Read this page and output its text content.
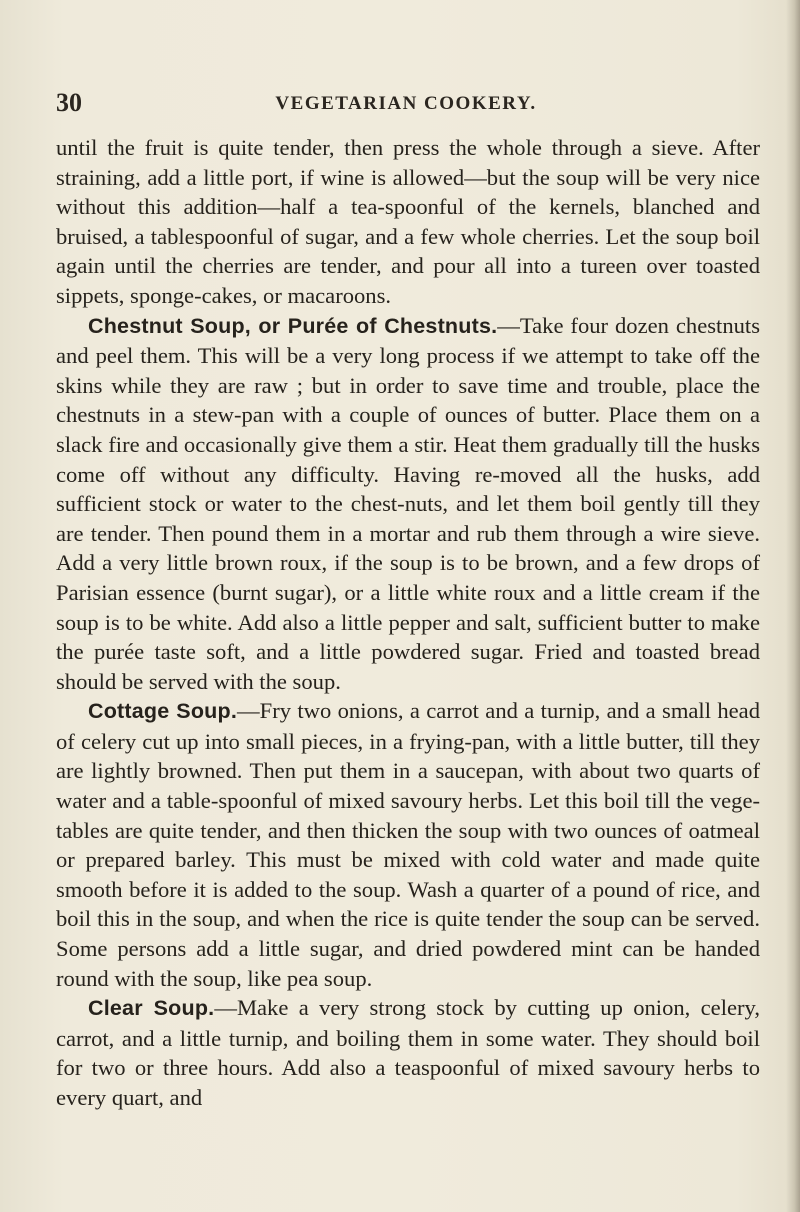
30	VEGETARIAN COOKERY.

until the fruit is quite tender, then press the whole through a sieve. After straining, add a little port, if wine is allowed—but the soup will be very nice without this addition—half a tea-spoonful of the kernels, blanched and bruised, a tablespoonful of sugar, and a few whole cherries. Let the soup boil again until the cherries are tender, and pour all into a tureen over toasted sippets, sponge-cakes, or macaroons.

Chestnut Soup, or Purée of Chestnuts.—Take four dozen chestnuts and peel them. This will be a very long process if we attempt to take off the skins while they are raw ; but in order to save time and trouble, place the chestnuts in a stew-pan with a couple of ounces of butter. Place them on a slack fire and occasionally give them a stir. Heat them gradually till the husks come off without any difficulty. Having re-moved all the husks, add sufficient stock or water to the chest-nuts, and let them boil gently till they are tender. Then pound them in a mortar and rub them through a wire sieve. Add a very little brown roux, if the soup is to be brown, and a few drops of Parisian essence (burnt sugar), or a little white roux and a little cream if the soup is to be white. Add also a little pepper and salt, sufficient butter to make the purée taste soft, and a little powdered sugar. Fried and toasted bread should be served with the soup.

Cottage Soup.—Fry two onions, a carrot and a turnip, and a small head of celery cut up into small pieces, in a frying-pan, with a little butter, till they are lightly browned. Then put them in a saucepan, with about two quarts of water and a table-spoonful of mixed savoury herbs. Let this boil till the vege-tables are quite tender, and then thicken the soup with two ounces of oatmeal or prepared barley. This must be mixed with cold water and made quite smooth before it is added to the soup. Wash a quarter of a pound of rice, and boil this in the soup, and when the rice is quite tender the soup can be served. Some persons add a little sugar, and dried powdered mint can be handed round with the soup, like pea soup.

Clear Soup.—Make a very strong stock by cutting up onion, celery, carrot, and a little turnip, and boiling them in some water. They should boil for two or three hours. Add also a teaspoonful of mixed savoury herbs to every quart, and
